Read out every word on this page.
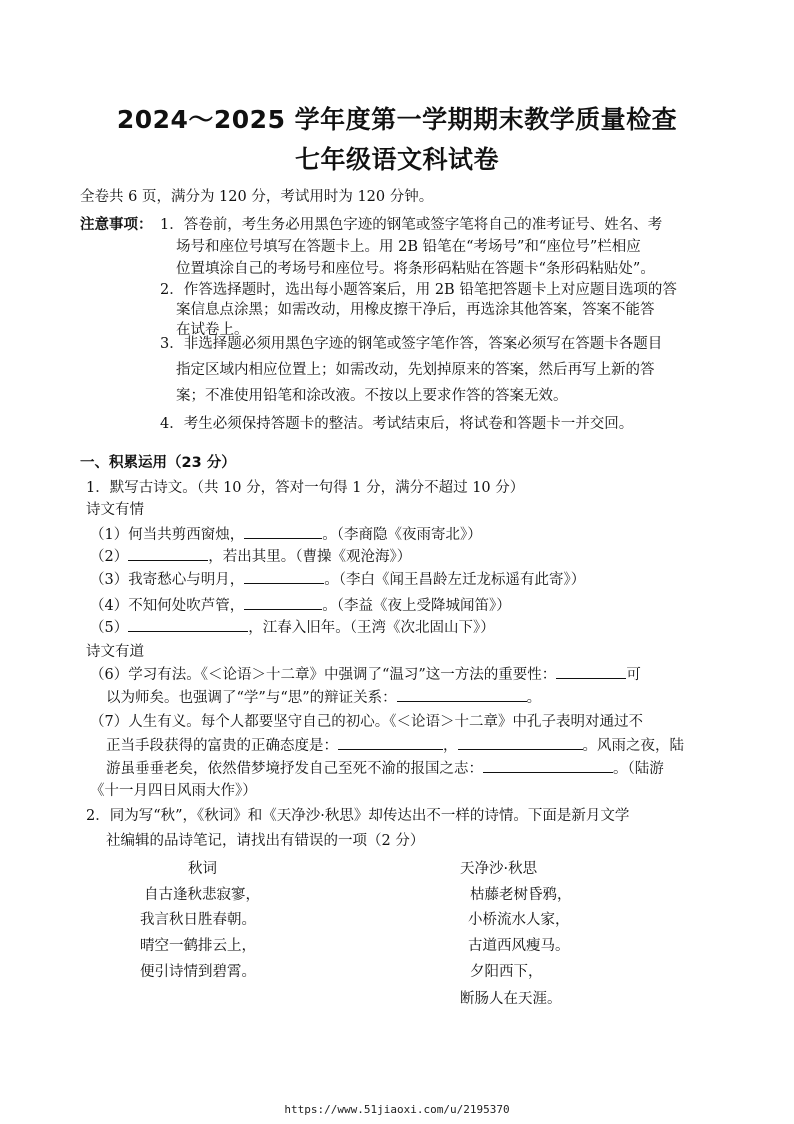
2024～2025 学年度第一学期期末教学质量检查
七年级语文科试卷
全卷共 6 页，满分为 120 分，考试用时为 120 分钟。
注意事项： 1．答卷前，考生务必用黑色字迹的钢笔或签字笔将自己的准考证号、姓名、考
场号和座位号填写在答题卡上。用 2B 铅笔在“考场号”和“座位号”栏相应
位置填涂自己的考场号和座位号。将条形码粘贴在答题卡“条形码粘贴处”。
2．作答选择题时，选出每小题答案后，用 2B 铅笔把答题卡上对应题目选项的答
案信息点涂黑；如需改动，用橡皮擦干净后，再选涂其他答案，答案不能答
在试卷上。
3．非选择题必须用黑色字迹的钢笔或签字笔作答，答案必须写在答题卡各题目
指定区域内相应位置上；如需改动，先划掉原来的答案，然后再写上新的答
案；不准使用铅笔和涂改液。不按以上要求作答的答案无效。
4．考生必须保持答题卡的整洁。考试结束后，将试卷和答题卡一并交回。
一、积累运用（23 分）
1．默写古诗文。（共 10 分，答对一句得 1 分，满分不超过 10 分）
诗文有情
（1）何当共剪西窗烛，	。（李商隐《夜雨寄北》）
（2）	，若出其里。（曹操《观沧海》）
（3）我寄愁心与明月，	。（李白《闻王昌龄左迁龙标遥有此寄》）
（4）不知何处吹芦管，	。（李益《夜上受降城闻笛》）
（5）	，江春入旧年。（王湾《次北固山下》）
诗文有道
（6）学习有法。《＜论语＞十二章》中强调了“温习”这一方法的重要性：	可
以为师矣。也强调了“学”与“思”的辩证关系：	。
（7）人生有义。每个人都要坚守自己的初心。《＜论语＞十二章》中孔子表明对通过不
正当手段获得的富贵的正确态度是：	，	。风雨之夜，陆
游虽垂垂老矣，依然借梦境抒发自己至死不渝的报国之志：	。（陆游
《十一月四日风雨大作》）
2．同为写“秋”，《秋词》和《天净沙·秋思》却传达出不一样的诗情。下面是新月文学
社编辑的品诗笔记，请找出有错误的一项（2 分）
秋词
自古逢秋悲寂寥，
我言秋日胜春朝。
晴空一鹤排云上，
便引诗情到碧霄。
天净沙·秋思
枯藤老树昏鸦，
小桥流水人家，
古道西风瘦马。
夕阳西下，
断肠人在天涯。
https://www.51jiaoxi.com/u/2195370
